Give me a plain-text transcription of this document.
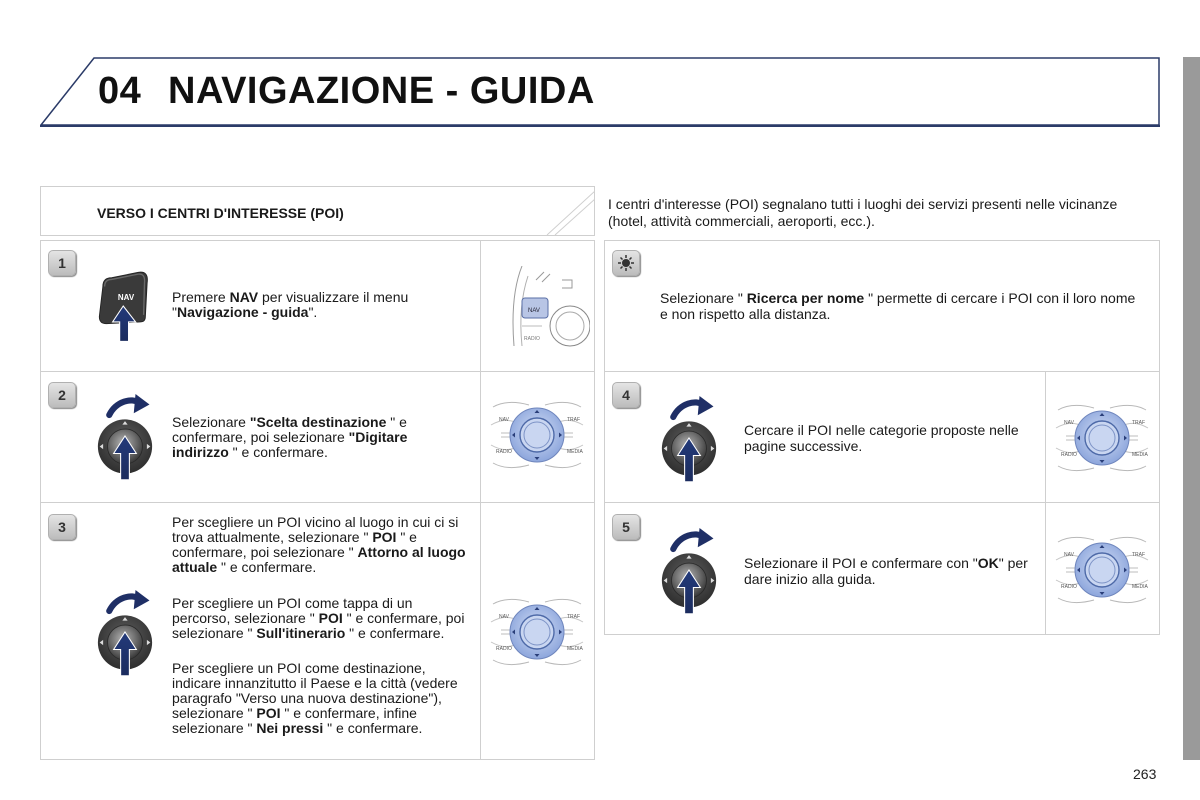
04 NAVIGAZIONE - GUIDA
VERSO I CENTRI D'INTERESSE (POI)
I centri d'interesse (POI) segnalano tutti i luoghi dei servizi presenti nelle vicinanze (hotel, attività commerciali, aeroporti, ecc.).
1
Premere NAV per visualizzare il menu "Navigazione - guida".	NAV
RADIO
2
Selezionare "Scelta destinazione " e confermare, poi selezionare "Digitare indirizzo " e confermare.
3	Per scegliere un POI vicino al luogo in cui ci si trova attualmente, selezionare " POI " e confermare, poi selezionare " Attorno al luogo attuale " e confermare.
Per scegliere un POI come tappa di un percorso, selezionare " POI " e confermare, poi selezionare " Sull'itinerario " e confermare.
Per scegliere un POI come destinazione, indicare innanzitutto il Paese e la città (vedere paragrafo "Verso una nuova destinazione"), selezionare " POI " e confermare, infine selezionare " Nei pressi " e confermare.
Selezionare " Ricerca per nome " permette di cercare i POI con il loro nome e non rispetto alla distanza.
4
Cercare il POI nelle categorie proposte nelle pagine successive.
5
Selezionare il POI e confermare con "OK" per dare inizio alla guida.
263
